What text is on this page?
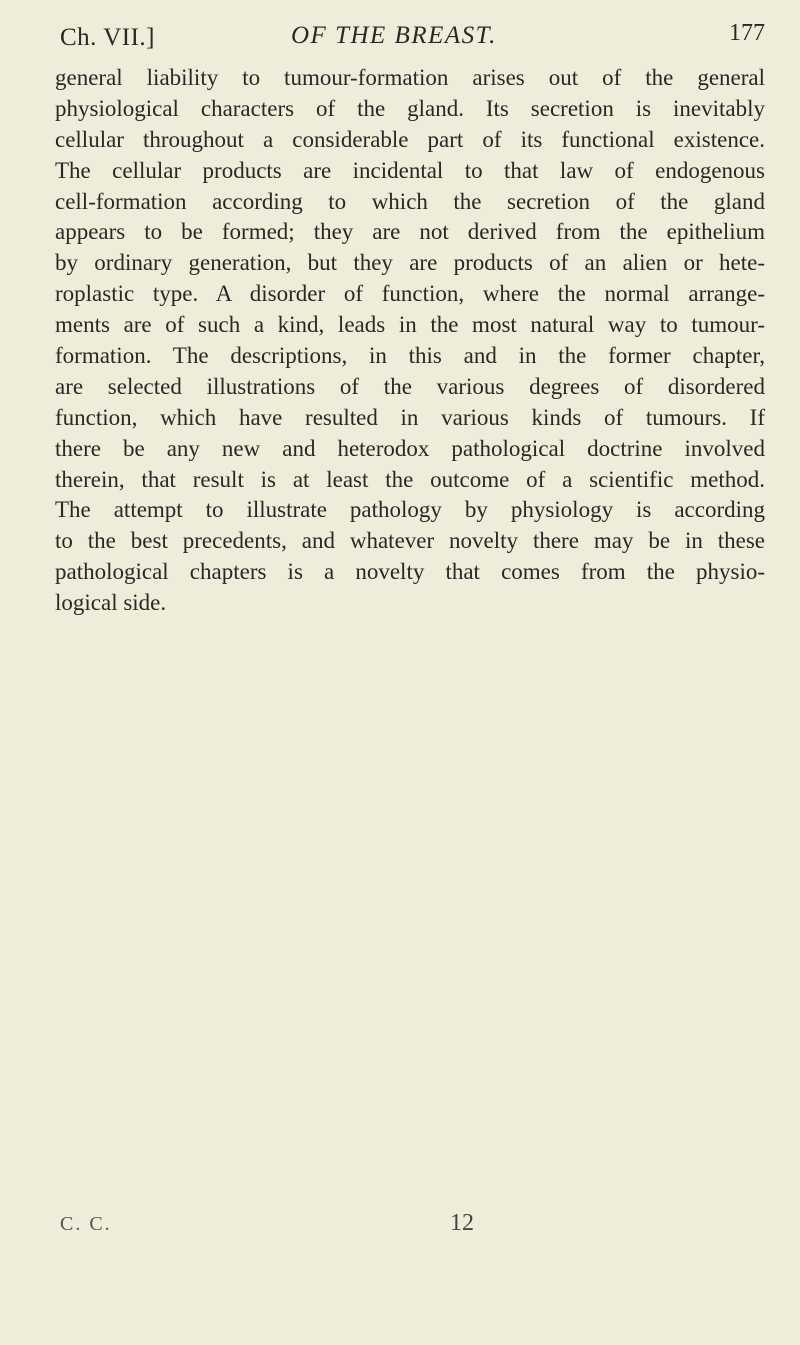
Ch. VII.]	OF THE BREAST.	177
general liability to tumour-formation arises out of the general
physiological characters of the gland. Its secretion is inevitably
cellular throughout a considerable part of its functional existence.
The cellular products are incidental to that law of endogenous
cell-formation according to which the secretion of the gland
appears to be formed; they are not derived from the epithelium
by ordinary generation, but they are products of an alien or hete-
roplastic type. A disorder of function, where the normal arrange-
ments are of such a kind, leads in the most natural way to tumour-
formation. The descriptions, in this and in the former chapter,
are selected illustrations of the various degrees of disordered
function, which have resulted in various kinds of tumours. If
there be any new and heterodox pathological doctrine involved
therein, that result is at least the outcome of a scientific method.
The attempt to illustrate pathology by physiology is according
to the best precedents, and whatever novelty there may be in these
pathological chapters is a novelty that comes from the physio-
logical side.
C. C.	12
